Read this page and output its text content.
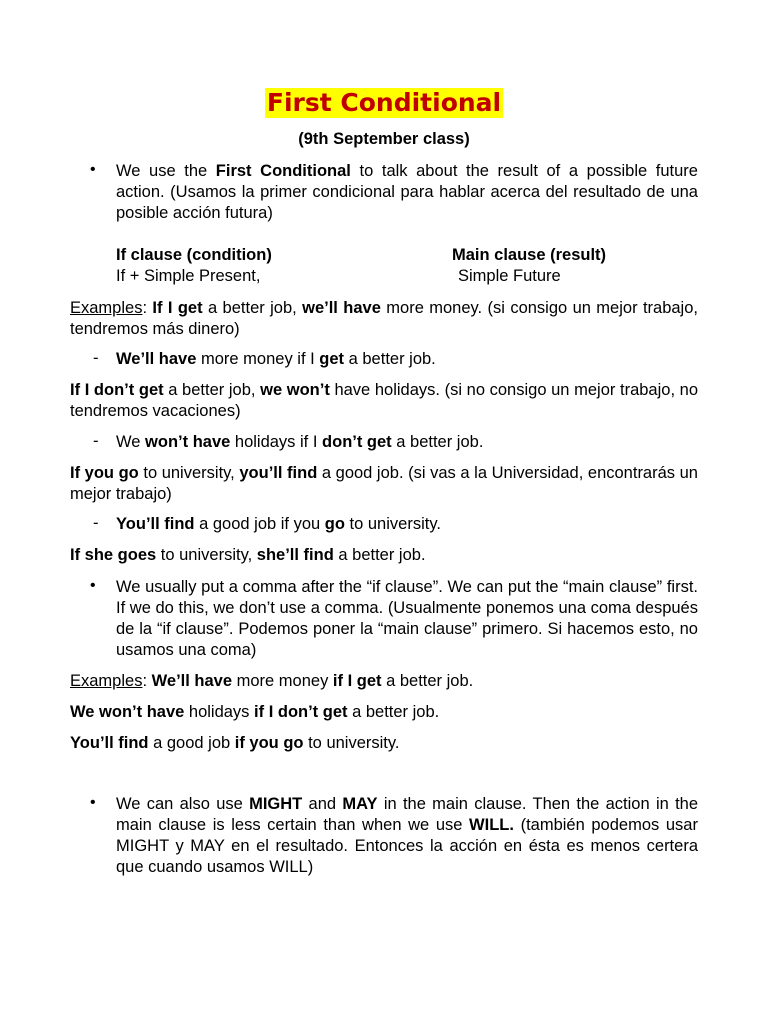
First Conditional
(9th September class)
• We use the First Conditional to talk about the result of a possible future action. (Usamos la primer condicional para hablar acerca del resultado de una posible acción futura)
If clause (condition)	Main clause (result)
If + Simple Present,	Simple Future
Examples: If I get a better job, we’ll have more money. (si consigo un mejor trabajo, tendremos más dinero)
- We’ll have more money if I get a better job.
If I don’t get a better job, we won’t have holidays. (si no consigo un mejor trabajo, no tendremos vacaciones)
- We won’t have holidays if I don’t get a better job.
If you go to university, you’ll find a good job. (si vas a la Universidad, encontrarás un mejor trabajo)
- You’ll find a good job if you go to university.
If she goes to university, she’ll find a better job.
• We usually put a comma after the “if clause”. We can put the “main clause” first. If we do this, we don’t use a comma. (Usualmente ponemos una coma después de la “if clause”. Podemos poner la “main clause” primero. Si hacemos esto, no usamos una coma)
Examples: We’ll have more money if I get a better job.
We won’t have holidays if I don’t get a better job.
You’ll find a good job if you go to university.
• We can also use MIGHT and MAY in the main clause. Then the action in the main clause is less certain than when we use WILL. (también podemos usar MIGHT y MAY en el resultado. Entonces la acción en ésta es menos certera que cuando usamos WILL)
